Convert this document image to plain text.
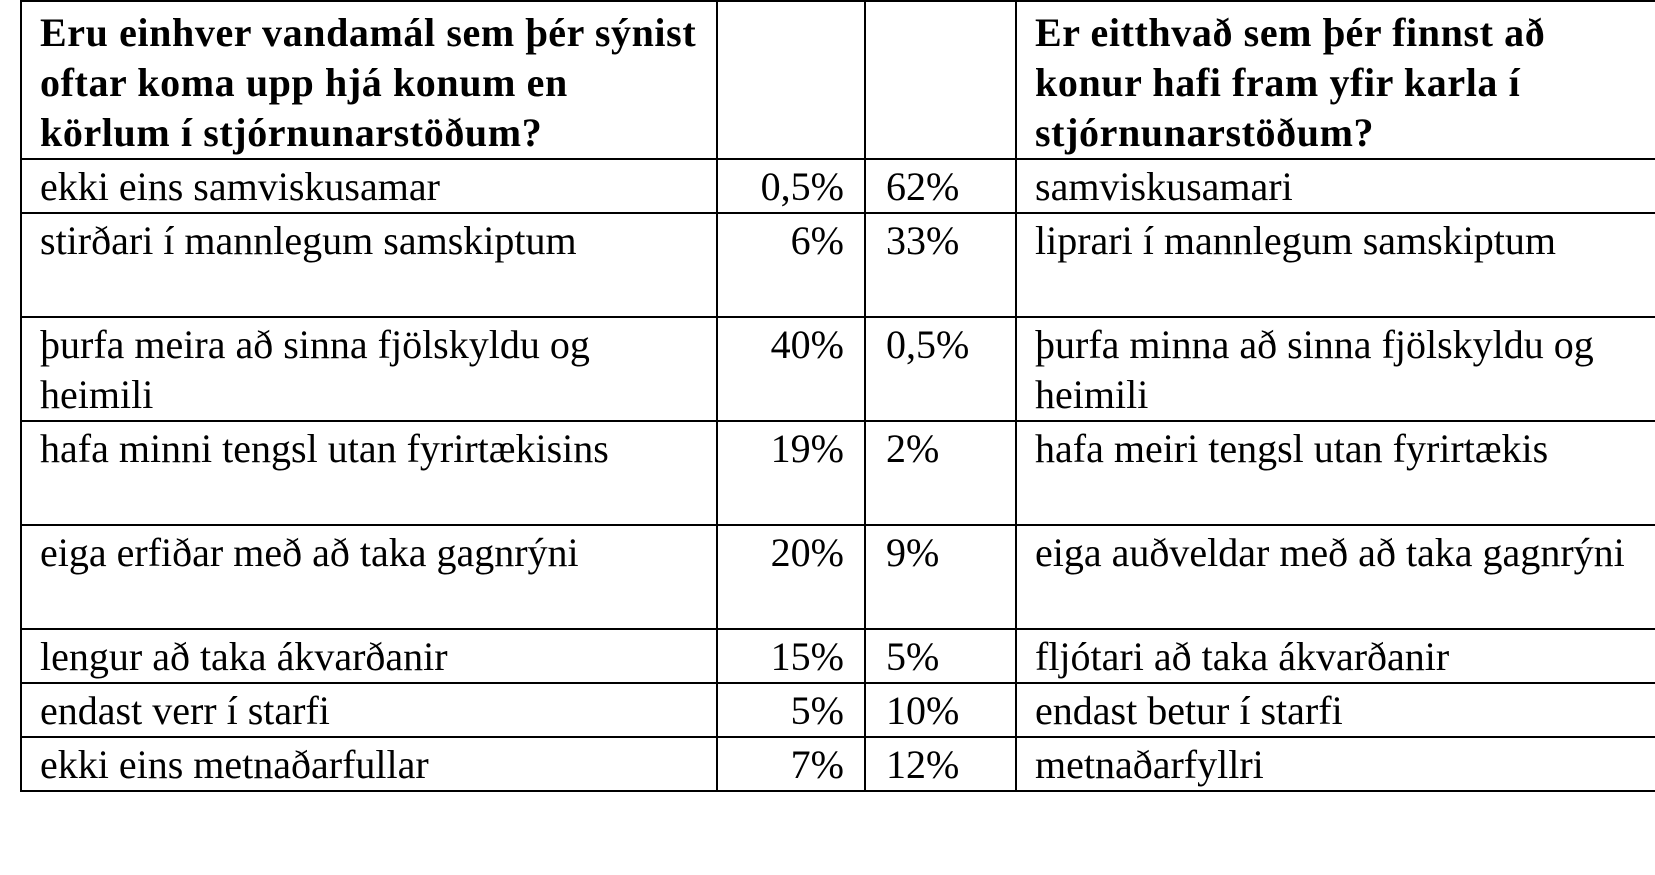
Eru einhver vandamál sem þér sýnist oftar koma upp hjá konum en körlum í stjórnunarstöðum?			Er eitthvað sem þér finnst að konur hafi fram yfir karla í stjórnunarstöðum?
ekki eins samviskusamar	0,5%	62%	samviskusamari
stirðari í mannlegum samskiptum	6%	33%	liprari í mannlegum samskiptum
þurfa meira að sinna fjölskyldu og heimili	40%	0,5%	þurfa minna að sinna fjölskyldu og heimili
hafa minni tengsl utan fyrirtækisins	19%	2%	hafa meiri tengsl utan fyrirtækis
eiga erfiðar með að taka gagnrýni	20%	9%	eiga auðveldar með að taka gagnrýni
lengur að taka ákvarðanir	15%	5%	fljótari að taka ákvarðanir
endast verr í starfi	5%	10%	endast betur í starfi
ekki eins metnaðarfullar	7%	12%	metnaðarfyllri
